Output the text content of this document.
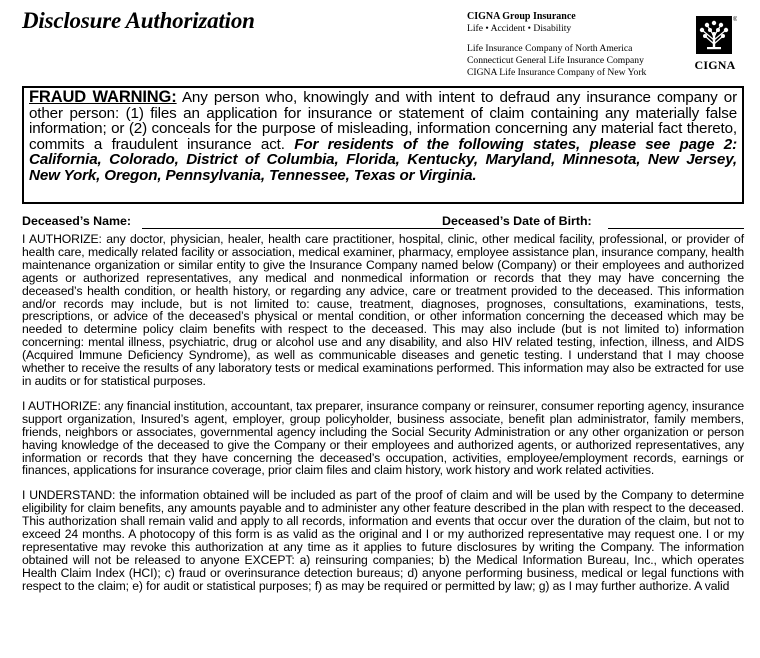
Disclosure Authorization	CIGNA Group Insurance
Life • Accident • Disability
Life Insurance Company of North America
Connecticut General Life Insurance Company
CIGNA Life Insurance Company of New York
®
CIGNA
FRAUD WARNING: Any person who, knowingly and with intent to defraud any insurance company or other person: (1) files an application for insurance or statement of claim containing any materially false information; or (2) conceals for the purpose of misleading, information concerning any material fact thereto, commits a fraudulent insurance act. For residents of the following states, please see page 2: California, Colorado, District of Columbia, Florida, Kentucky, Maryland, Minnesota, New Jersey, New York, Oregon, Pennsylvania, Tennessee, Texas or Virginia.
Deceased’s Name:	Deceased’s Date of Birth:

I AUTHORIZE: any doctor, physician, healer, health care practitioner, hospital, clinic, other medical facility, professional, or provider of health care, medically related facility or association, medical examiner, pharmacy, employee assistance plan, insurance company, health maintenance organization or similar entity to give the Insurance Company named below (Company) or their employees and authorized agents or authorized representatives, any medical and nonmedical information or records that they may have concerning the deceased’s health condition, or health history, or regarding any advice, care or treatment provided to the deceased. This information and/or records may include, but is not limited to: cause, treatment, diagnoses, prognoses, consultations, examinations, tests, prescriptions, or advice of the deceased’s physical or mental condition, or other information concerning the deceased which may be needed to determine policy claim benefits with respect to the deceased. This may also include (but is not limited to) information concerning: mental illness, psychiatric, drug or alcohol use and any disability, and also HIV related testing, infection, illness, and AIDS (Acquired Immune Deficiency Syndrome), as well as communicable diseases and genetic testing. I understand that I may choose whether to receive the results of any laboratory tests or medical examinations performed. This information may also be extracted for use in audits or for statistical purposes.

I AUTHORIZE: any financial institution, accountant, tax preparer, insurance company or reinsurer, consumer reporting agency, insurance support organization, Insured’s agent, employer, group policyholder, business associate, benefit plan administrator, family members, friends, neighbors or associates, governmental agency including the Social Security Administration or any other organization or person having knowledge of the deceased to give the Company or their employees and authorized agents, or authorized representatives, any information or records that they have concerning the deceased’s occupation, activities, employee/employment records, earnings or finances, applications for insurance coverage, prior claim files and claim history, work history and work related activities.

I UNDERSTAND: the information obtained will be included as part of the proof of claim and will be used by the Company to determine eligibility for claim benefits, any amounts payable and to administer any other feature described in the plan with respect to the deceased. This authorization shall remain valid and apply to all records, information and events that occur over the duration of the claim, but not to exceed 24 months. A photocopy of this form is as valid as the original and I or my authorized representative may request one. I or my representative may revoke this authorization at any time as it applies to future disclosures by writing the Company. The information obtained will not be released to anyone EXCEPT: a) reinsuring companies; b) the Medical Information Bureau, Inc., which operates Health Claim Index (HCI); c) fraud or overinsurance detection bureaus; d) anyone performing business, medical or legal functions with respect to the claim; e) for audit or statistical purposes; f) as may be required or permitted by law; g) as I may further authorize. A valid
